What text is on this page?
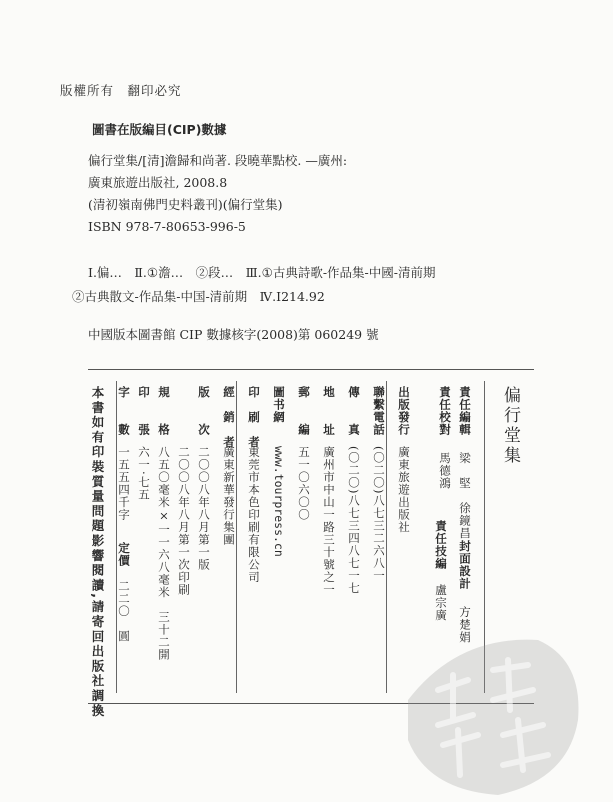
版權所有　翻印必究
圖書在版編目(CIP)數據
偏行堂集/[清]澹歸和尚著. 段曉華點校. —廣州:
廣東旅遊出版社, 2008.8
(清初嶺南佛門史料叢刊)(偏行堂集)
ISBN 978-7-80653-996-5
Ⅰ.偏…　Ⅱ.①澹…　②段…　Ⅲ.①古典詩歌-作品集-中國-清前期
②古典散文-作品集-中国-清前期　Ⅳ.I214.92
中國版本圖書館 CIP 數據核字(2008)第 060249 號
偏行堂集
責任編輯
梁　堅　徐鏡昌
責任校對
馬德鴻
封面設計
方楚娟
責任技編
盧宗廣
出版發行
廣東旅遊出版社
聯繫電話
(〇二〇)八七三二六八一
傳　　真
(〇二〇)八七三四八七一七
地　　址
廣州市中山一路三十號之一
郵　　編
五一〇六〇〇
圖书網
www.tourpress.cn
印　刷　者
東莞市本色印刷有限公司
經　銷　者
廣東新華發行集團
版　　次
二〇〇八年八月第一版
二〇〇八年八月第一次印刷
規　　格
八五〇毫米×一一六八毫米　三十二開
印　　張
六一·七五
字　　數
一五五四千字
定價
二二〇　圓
本書如有印裝質量問題影響閱讀,請寄回出版社調換
